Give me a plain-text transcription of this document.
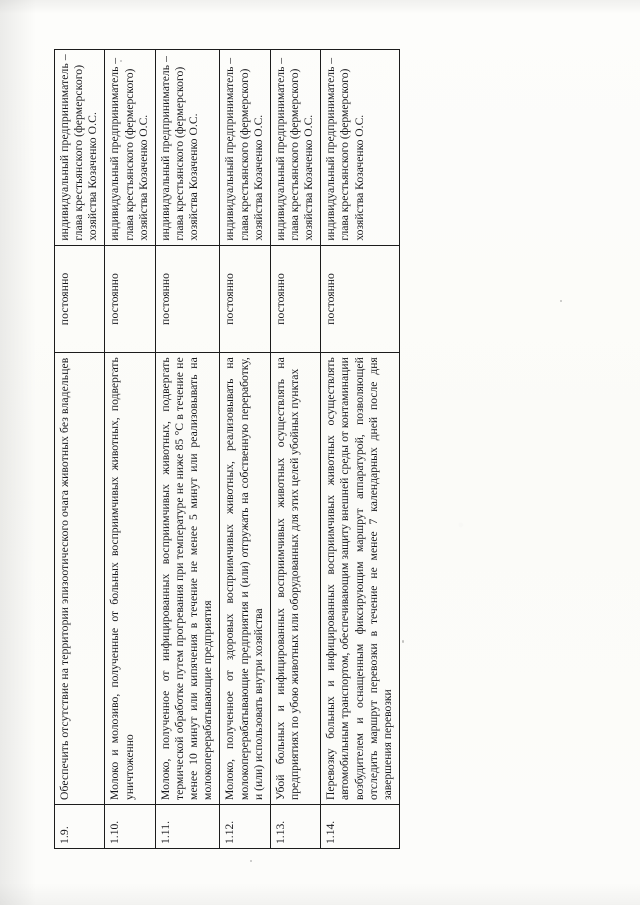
1.9.	Обеспечить отсутствие на территории эпизоотического очага животных без владельцев	постоянно	индивидуальный предприниматель – глава крестьянского (фермерского) хозяйства Козаченко О.С.
1.10.	Молоко и молозиво, полученные от больных восприимчивых животных, подвергать уничтоженно	постоянно	индивидуальный предприниматель – глава крестьянского (фермерского) хозяйства Козаченко О.С.
1.11.	Молоко, полученное от инфицированных восприимчивых животных, подвергать термической обработке путем прогревания при температуре не ниже 85 °С в течение не менее 10 минут или кипячения в течение не менее 5 минут или реализовывать на молокоперерабатывающие предприятия	постоянно	индивидуальный предприниматель – глава крестьянского (фермерского) хозяйства Козаченко О.С.
1.12.	Молоко, полученное от здоровых восприимчивых животных, реализовывать на молокоперерабатывающие предприятия и (или) отгружать на собственную переработку, и (или) использовать внутри хозяйства	постоянно	индивидуальный предприниматель – глава крестьянского (фермерского) хозяйства Козаченко О.С.
1.13.	Убой больных и инфицированных восприимчивых животных осуществлять на предприятиях по убою животных или оборудованных для этих целей убойных пунктах	постоянно	индивидуальный предприниматель – глава крестьянского (фермерского) хозяйства Козаченко О.С.
1.14.	Перевозку больных и инфицированных восприимчивых животных осуществлять автомобильным транспортом, обеспечивающим защиту внешней среды от контаминации возбудителем и оснащенным фиксирующим маршрут аппаратурой, позволяющей отследить маршрут перевозки в течение не менее 7 календарных дней после дня завершения перевозки	постоянно	индивидуальный предприниматель – глава крестьянского (фермерского) хозяйства Козаченко О.С.
